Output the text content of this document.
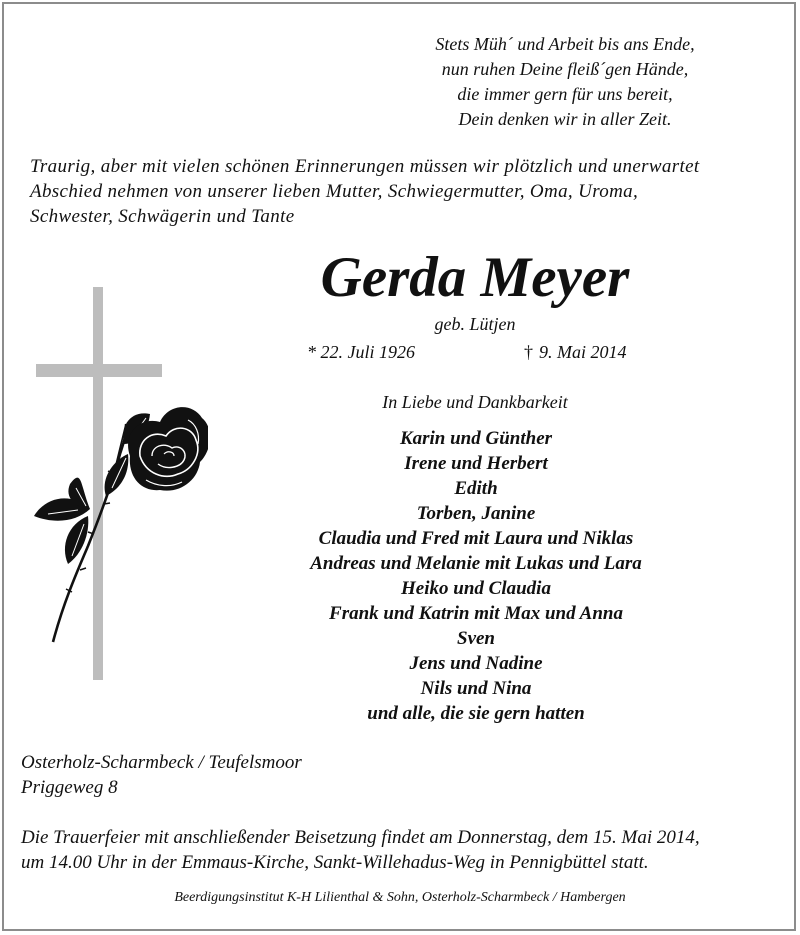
Stets Müh´ und Arbeit bis ans Ende,
nun ruhen Deine fleiß´gen Hände,
die immer gern für uns bereit,
Dein denken wir in aller Zeit.
Traurig, aber mit vielen schönen Erinnerungen müssen wir plötzlich und unerwartet
Abschied nehmen von unserer lieben Mutter, Schwiegermutter, Oma, Uroma,
Schwester, Schwägerin und Tante
Gerda Meyer
geb. Lütjen
* 22. Juli 1926	† 9. Mai 2014
In Liebe und Dankbarkeit
Karin und Günther
Irene und Herbert
Edith
Torben, Janine
Claudia und Fred mit Laura und Niklas
Andreas und Melanie mit Lukas und Lara
Heiko und Claudia
Frank und Katrin mit Max und Anna
Sven
Jens und Nadine
Nils und Nina
und alle, die sie gern hatten
Osterholz-Scharmbeck / Teufelsmoor
Priggeweg 8
Die Trauerfeier mit anschließender Beisetzung findet am Donnerstag, dem 15. Mai 2014,
um 14.00 Uhr in der Emmaus-Kirche, Sankt-Willehadus-Weg in Pennigbüttel statt.
Beerdigungsinstitut K-H Lilienthal & Sohn, Osterholz-Scharmbeck / Hambergen
